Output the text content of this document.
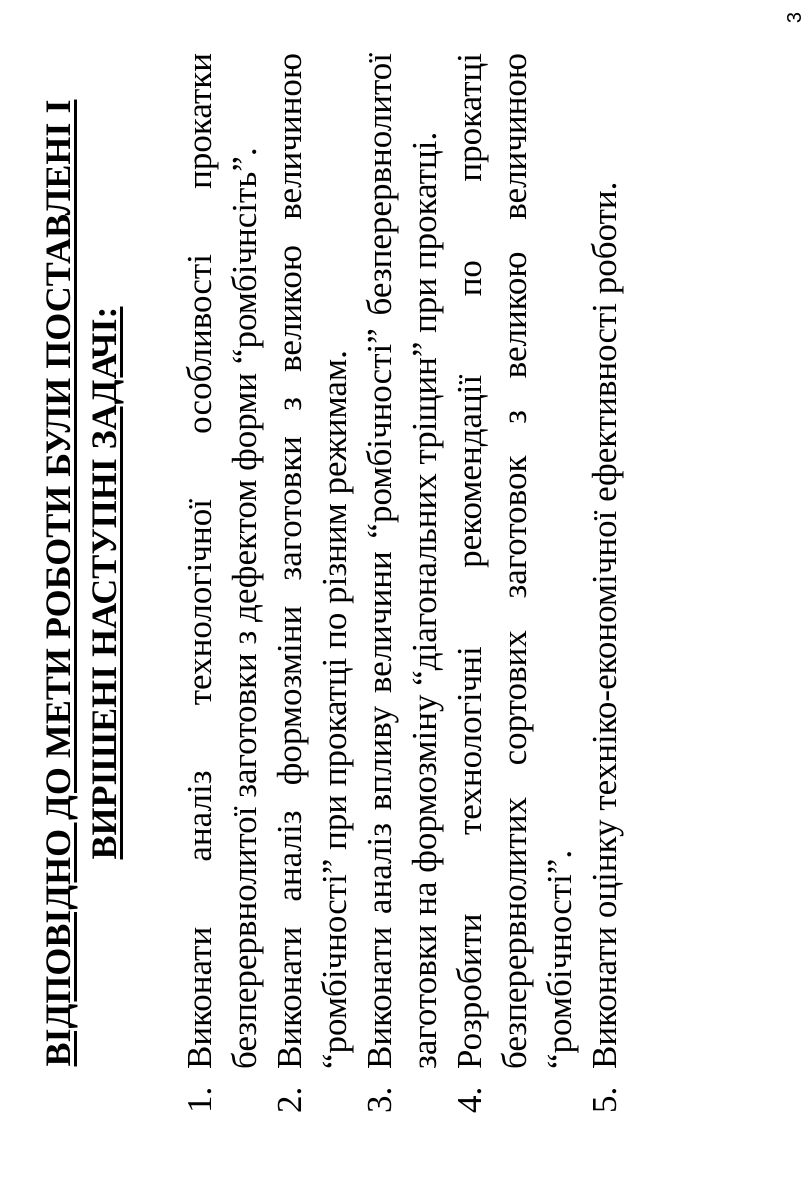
3
ВІДПОВІДНО ДО МЕТИ РОБОТИ БУЛИ ПОСТАВЛЕНІ І ВИРІШЕНІ НАСТУПНІ ЗАДАЧІ:
1.
Виконати аналіз технологічної особливості прокатки безперервнолитої заготовки з дефектом форми “ромбічнсіть”.
2.
Виконати аналіз формозміни заготовки з великою величиною “ромбічності” при прокатці по різним режимам.
3.
Виконати аналіз впливу величини “ромбічності” безперервнолитої заготовки на формозміну “діагональних тріщин” при прокатці.
4.
Розробити технологічні рекомендації по прокатці безперервнолитих сортових заготовок з великою величиною “ромбічності”.
5.
Виконати оцінку техніко-економічної ефективності роботи.
